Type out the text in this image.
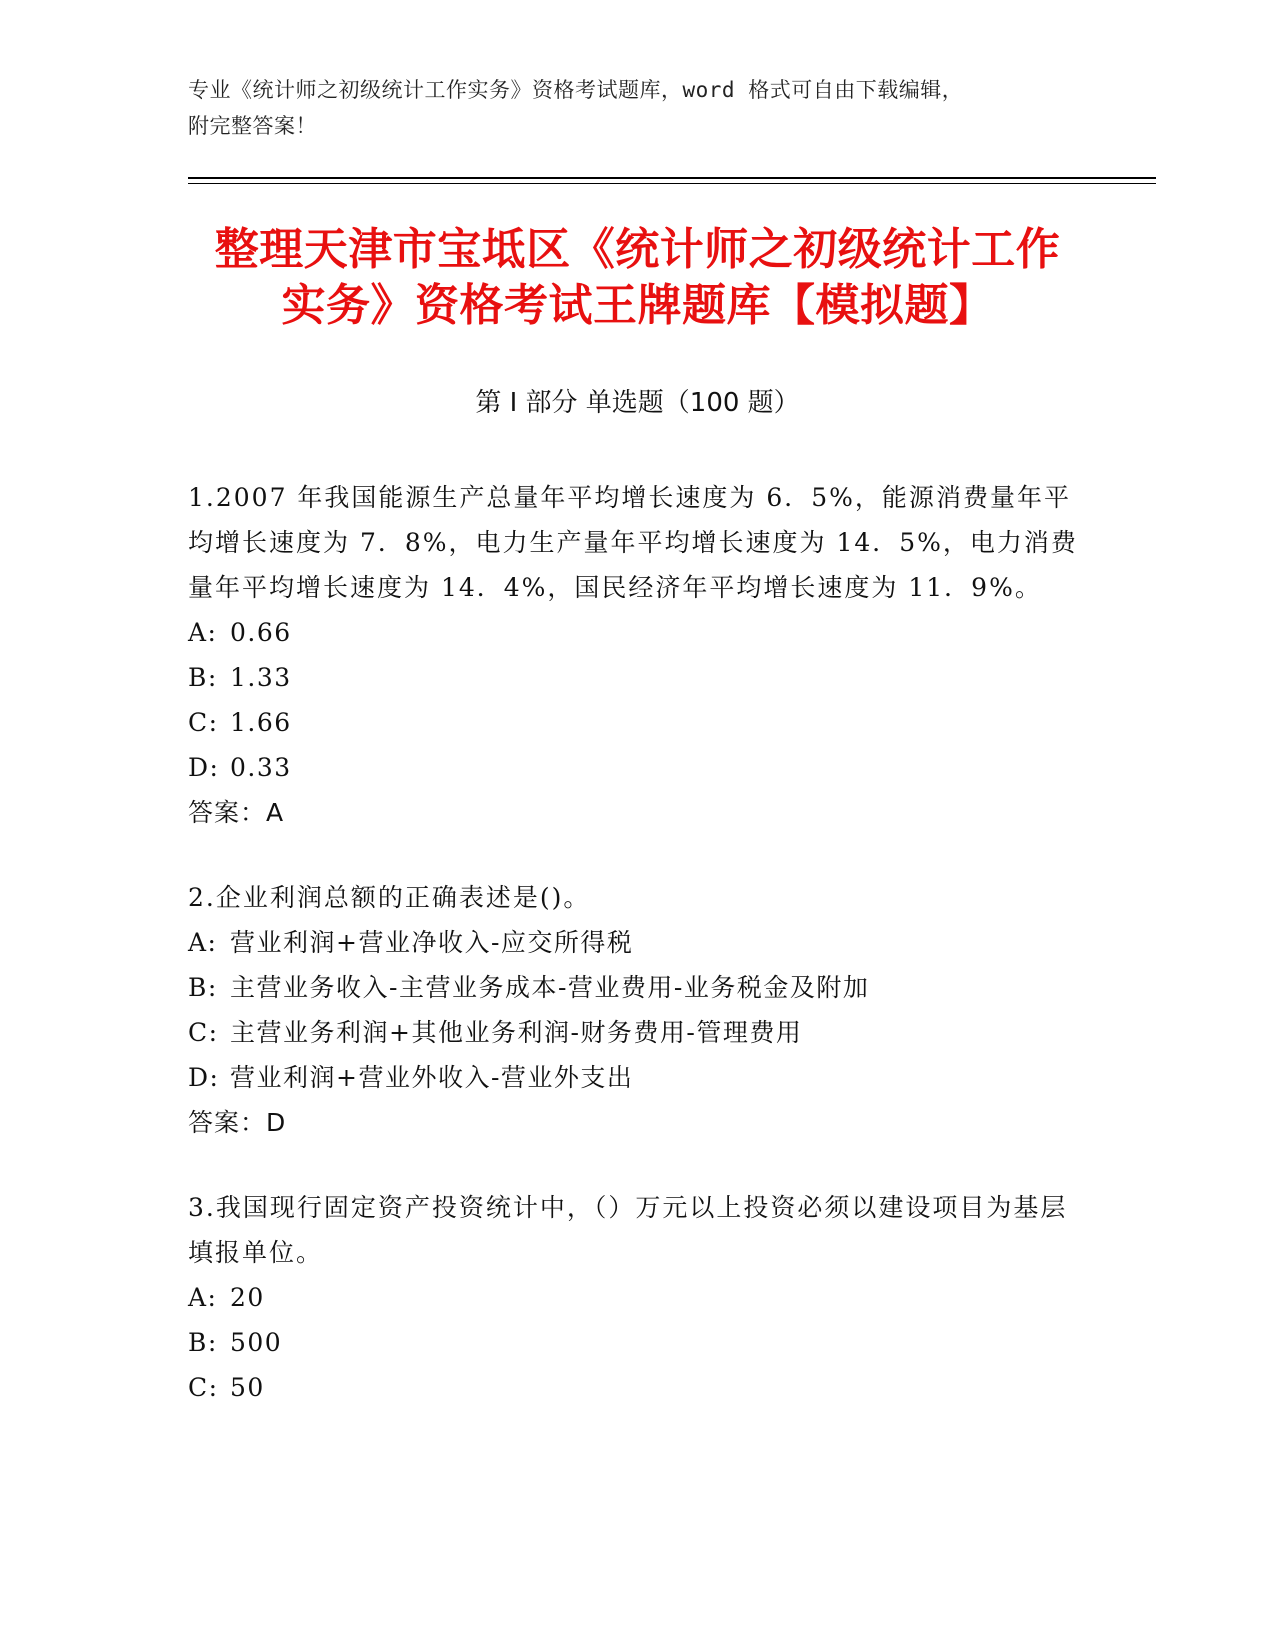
专业《统计师之初级统计工作实务》资格考试题库，word 格式可自由下载编辑，
附完整答案！
整理天津市宝坻区《统计师之初级统计工作
实务》资格考试王牌题库【模拟题】
第 I 部分 单选题（100 题）
1.2007 年我国能源生产总量年平均增长速度为 6．5%，能源消费量年平均增长速度为 7．8%，电力生产量年平均增长速度为 14．5%，电力消费量年平均增长速度为 14．4%，国民经济年平均增长速度为 11．9%。
A: 0.66
B: 1.33
C: 1.66
D: 0.33
答案：A
2.企业利润总额的正确表述是()。
A: 营业利润+营业净收入-应交所得税
B: 主营业务收入-主营业务成本-营业费用-业务税金及附加
C: 主营业务利润+其他业务利润-财务费用-管理费用
D: 营业利润+营业外收入-营业外支出
答案：D
3.我国现行固定资产投资统计中，（）万元以上投资必须以建设项目为基层填报单位。
A: 20
B: 500
C: 50
